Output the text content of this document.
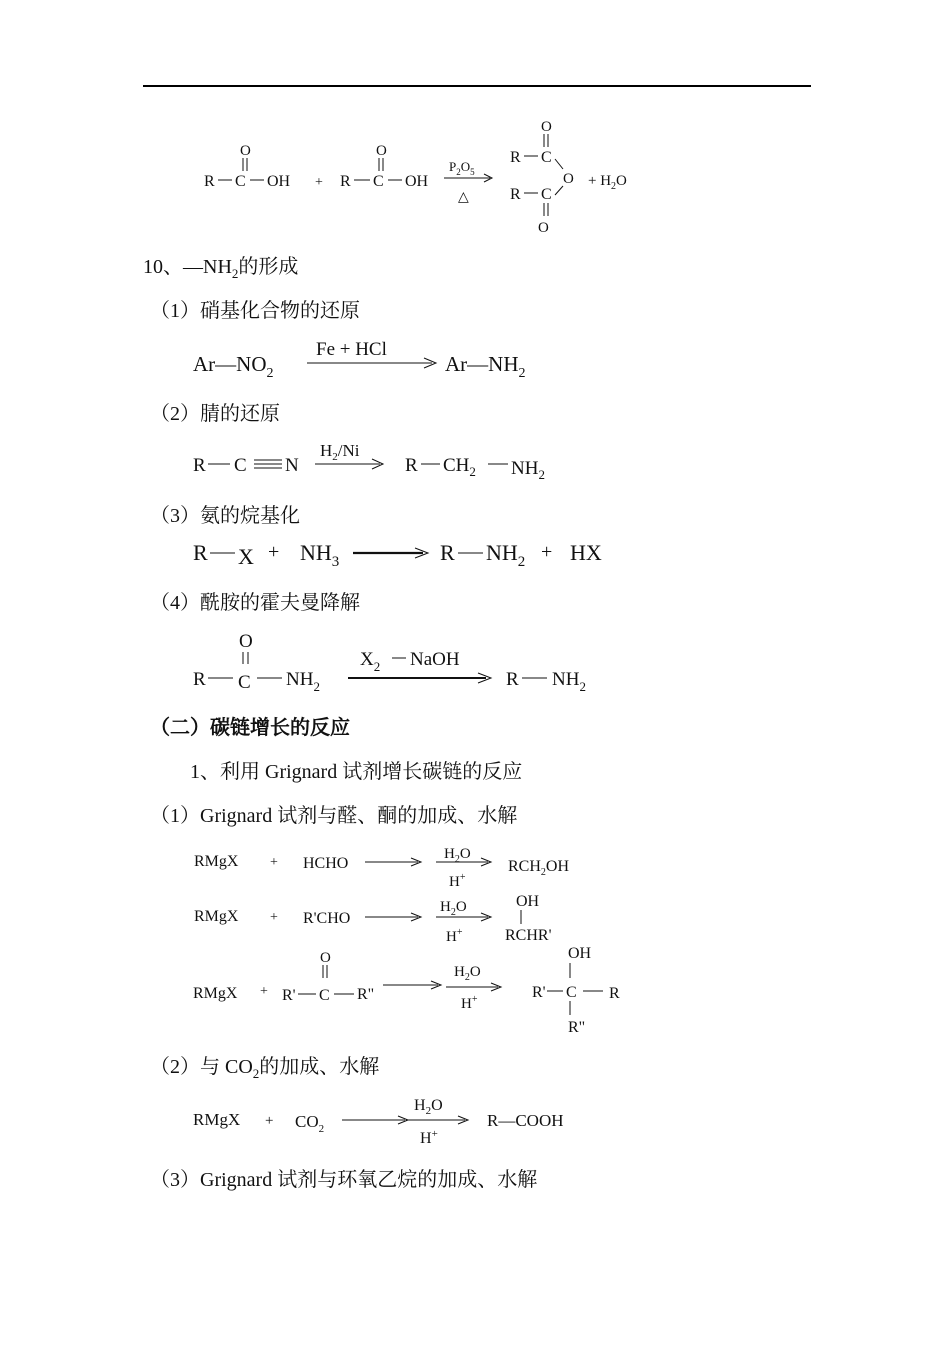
R C OH
O
+ R C OH
O
$P_2O_5$
△
R C
O
O
R C
O
+ $H_2O$
10、$—NH_2$的形成
（1）硝基化合物的还原
$Ar—NO_2$
Fe + HCl
$Ar—NH_2$
（2）腈的还原
R C N
$H_2/Ni$
R $CH_2$ $NH_2$
（3）氨的烷基化
R $X + NH_3$	R $NH_2$ + HX
（4）酰胺的霍夫曼降解
O
R C $NH_2$
$X_2$ NaOH
R $NH_2$
（二）碳链增长的反应
1、利用 Grignard 试剂增长碳链的反应
（1）Grignard 试剂与醛、酮的加成、水解
RMgX + HCHO
$H_2O$
H+
$RCH_2OH$
RMgX + R'CHO
$H_2O$
H+
OH
RCHR'
RMgX +
O
R' C R"
$H_2O$
H+
OH
R' C R
R"
（2）与 $CO_2$的加成、水解
RMgX + $CO_2$
$H_2O$
H+
R—COOH
（3）Grignard 试剂与环氧乙烷的加成、水解
